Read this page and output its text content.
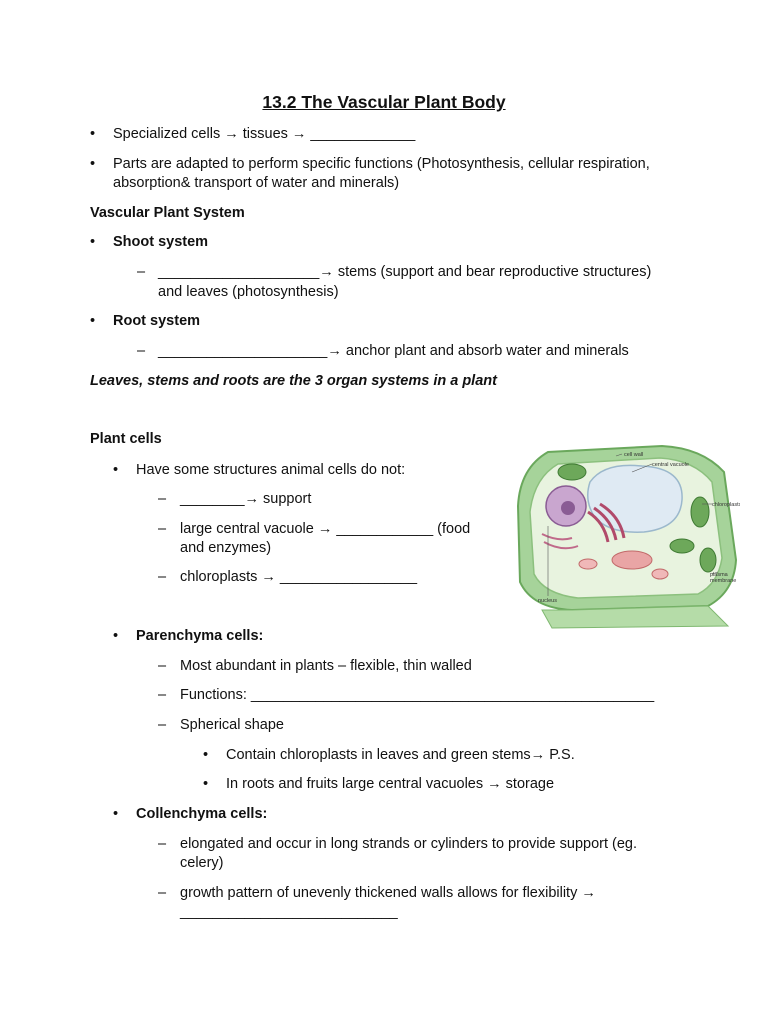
13.2 The Vascular Plant Body
• Specialized cells → tissues → _____________
• Parts are adapted to perform specific functions (Photosynthesis, cellular respiration,
absorption& transport of water and minerals)
Vascular Plant System
• Shoot system
– ____________________→ stems (support and bear reproductive structures)
and leaves (photosynthesis)
• Root system
– _____________________→ anchor plant and absorb water and minerals
Leaves, stems and roots are the 3 organ systems in a plant
Plant cells
• Have some structures animal cells do not:
– ________→ support
– large central vacuole → ____________ (food
and enzymes)
– chloroplasts → _________________
cell wall
central vacuole
chloroplasts
plasma
membrane
nucleus
• Parenchyma cells:
– Most abundant in plants – flexible, thin walled
– Functions: __________________________________________________
– Spherical shape
• Contain chloroplasts in leaves and green stems→ P.S.
• In roots and fruits large central vacuoles → storage
• Collenchyma cells:
– elongated and occur in long strands or cylinders to provide support (eg.
celery)
– growth pattern of unevenly thickened walls allows for flexibility →
___________________________
